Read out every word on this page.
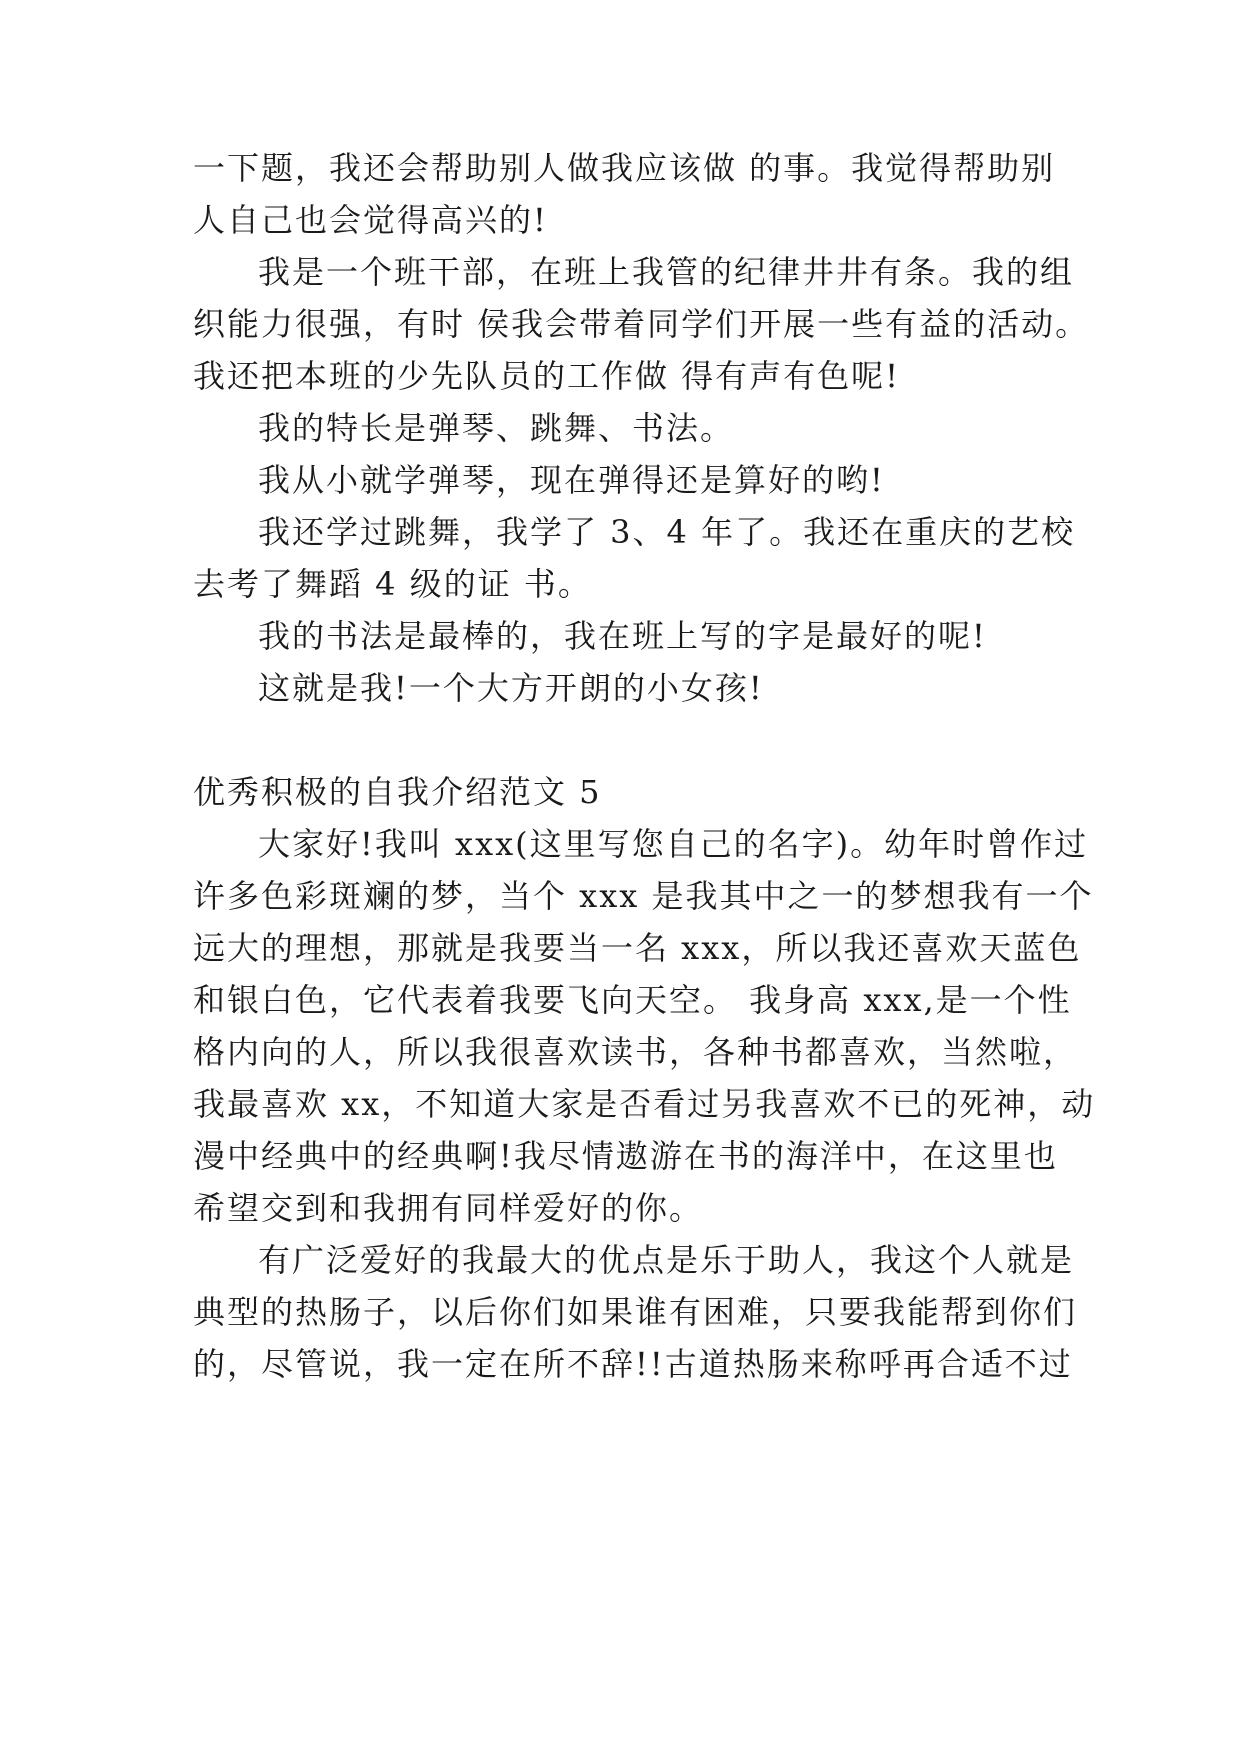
一下题，我还会帮助别人做我应该做 的事。我觉得帮助别
人自己也会觉得高兴的!
我是一个班干部，在班上我管的纪律井井有条。我的组
织能力很强，有时 侯我会带着同学们开展一些有益的活动。
我还把本班的少先队员的工作做 得有声有色呢!
我的特长是弹琴、跳舞、书法。
我从小就学弹琴，现在弹得还是算好的哟!
我还学过跳舞，我学了 3、4 年了。我还在重庆的艺校
去考了舞蹈 4 级的证 书。
我的书法是最棒的，我在班上写的字是最好的呢!
这就是我!一个大方开朗的小女孩!
优秀积极的自我介绍范文 5
大家好!我叫 xxx(这里写您自己的名字)。幼年时曾作过
许多色彩斑斓的梦，当个 xxx 是我其中之一的梦想我有一个
远大的理想，那就是我要当一名 xxx，所以我还喜欢天蓝色
和银白色，它代表着我要飞向天空。 我身高 xxx,是一个性
格内向的人，所以我很喜欢读书，各种书都喜欢，当然啦，
我最喜欢 xx，不知道大家是否看过另我喜欢不已的死神，动
漫中经典中的经典啊!我尽情遨游在书的海洋中，在这里也
希望交到和我拥有同样爱好的你。
有广泛爱好的我最大的优点是乐于助人，我这个人就是
典型的热肠子，以后你们如果谁有困难，只要我能帮到你们
的，尽管说，我一定在所不辞!!古道热肠来称呼再合适不过
